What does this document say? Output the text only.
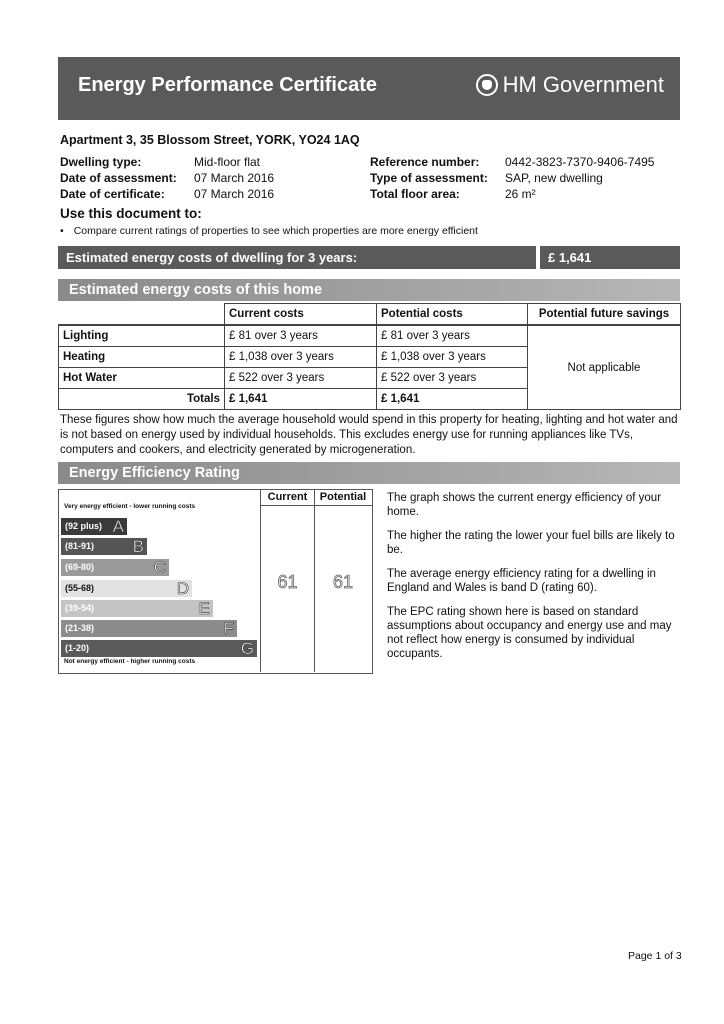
Energy Performance Certificate	HM Government
Apartment 3, 35 Blossom Street, YORK, YO24 1AQ
Dwelling type:	Mid-floor flat
Date of assessment:	07 March 2016
Date of certificate:	07 March 2016
Reference number:	0442-3823-7370-9406-7495
Type of assessment:	SAP, new dwelling
Total floor area:	26 m²
Use this document to:
• Compare current ratings of properties to see which properties are more energy efficient
Estimated energy costs of dwelling for 3 years:	£ 1,641
Estimated energy costs of this home
	Current costs	Potential costs	Potential future savings
Lighting	£ 81 over 3 years	£ 81 over 3 years	Not applicable
Heating	£ 1,038 over 3 years	£ 1,038 over 3 years	
Hot Water	£ 522 over 3 years	£ 522 over 3 years	
Totals	£ 1,641	£ 1,641	
These figures show how much the average household would spend in this property for heating, lighting and hot water and is not based on energy used by individual households. This excludes energy use for running appliances like TVs, computers and cookers, and electricity generated by microgeneration.
Energy Efficiency Rating
Very energy efficient - lower running costs
(92 plus) A
(81-91) B
(69-80)	C
(55-68)	D
(39-54)	E
(21-38)	F
(1-20)	G
Not energy efficient - higher running costs
Current	Potential
61	61

The graph shows the current energy efficiency of your home.

The higher the rating the lower your fuel bills are likely to be.

The average energy efficiency rating for a dwelling in England and Wales is band D (rating 60).

The EPC rating shown here is based on standard assumptions about occupancy and energy use and may not reflect how energy is consumed by individual occupants.

Page 1 of 3
